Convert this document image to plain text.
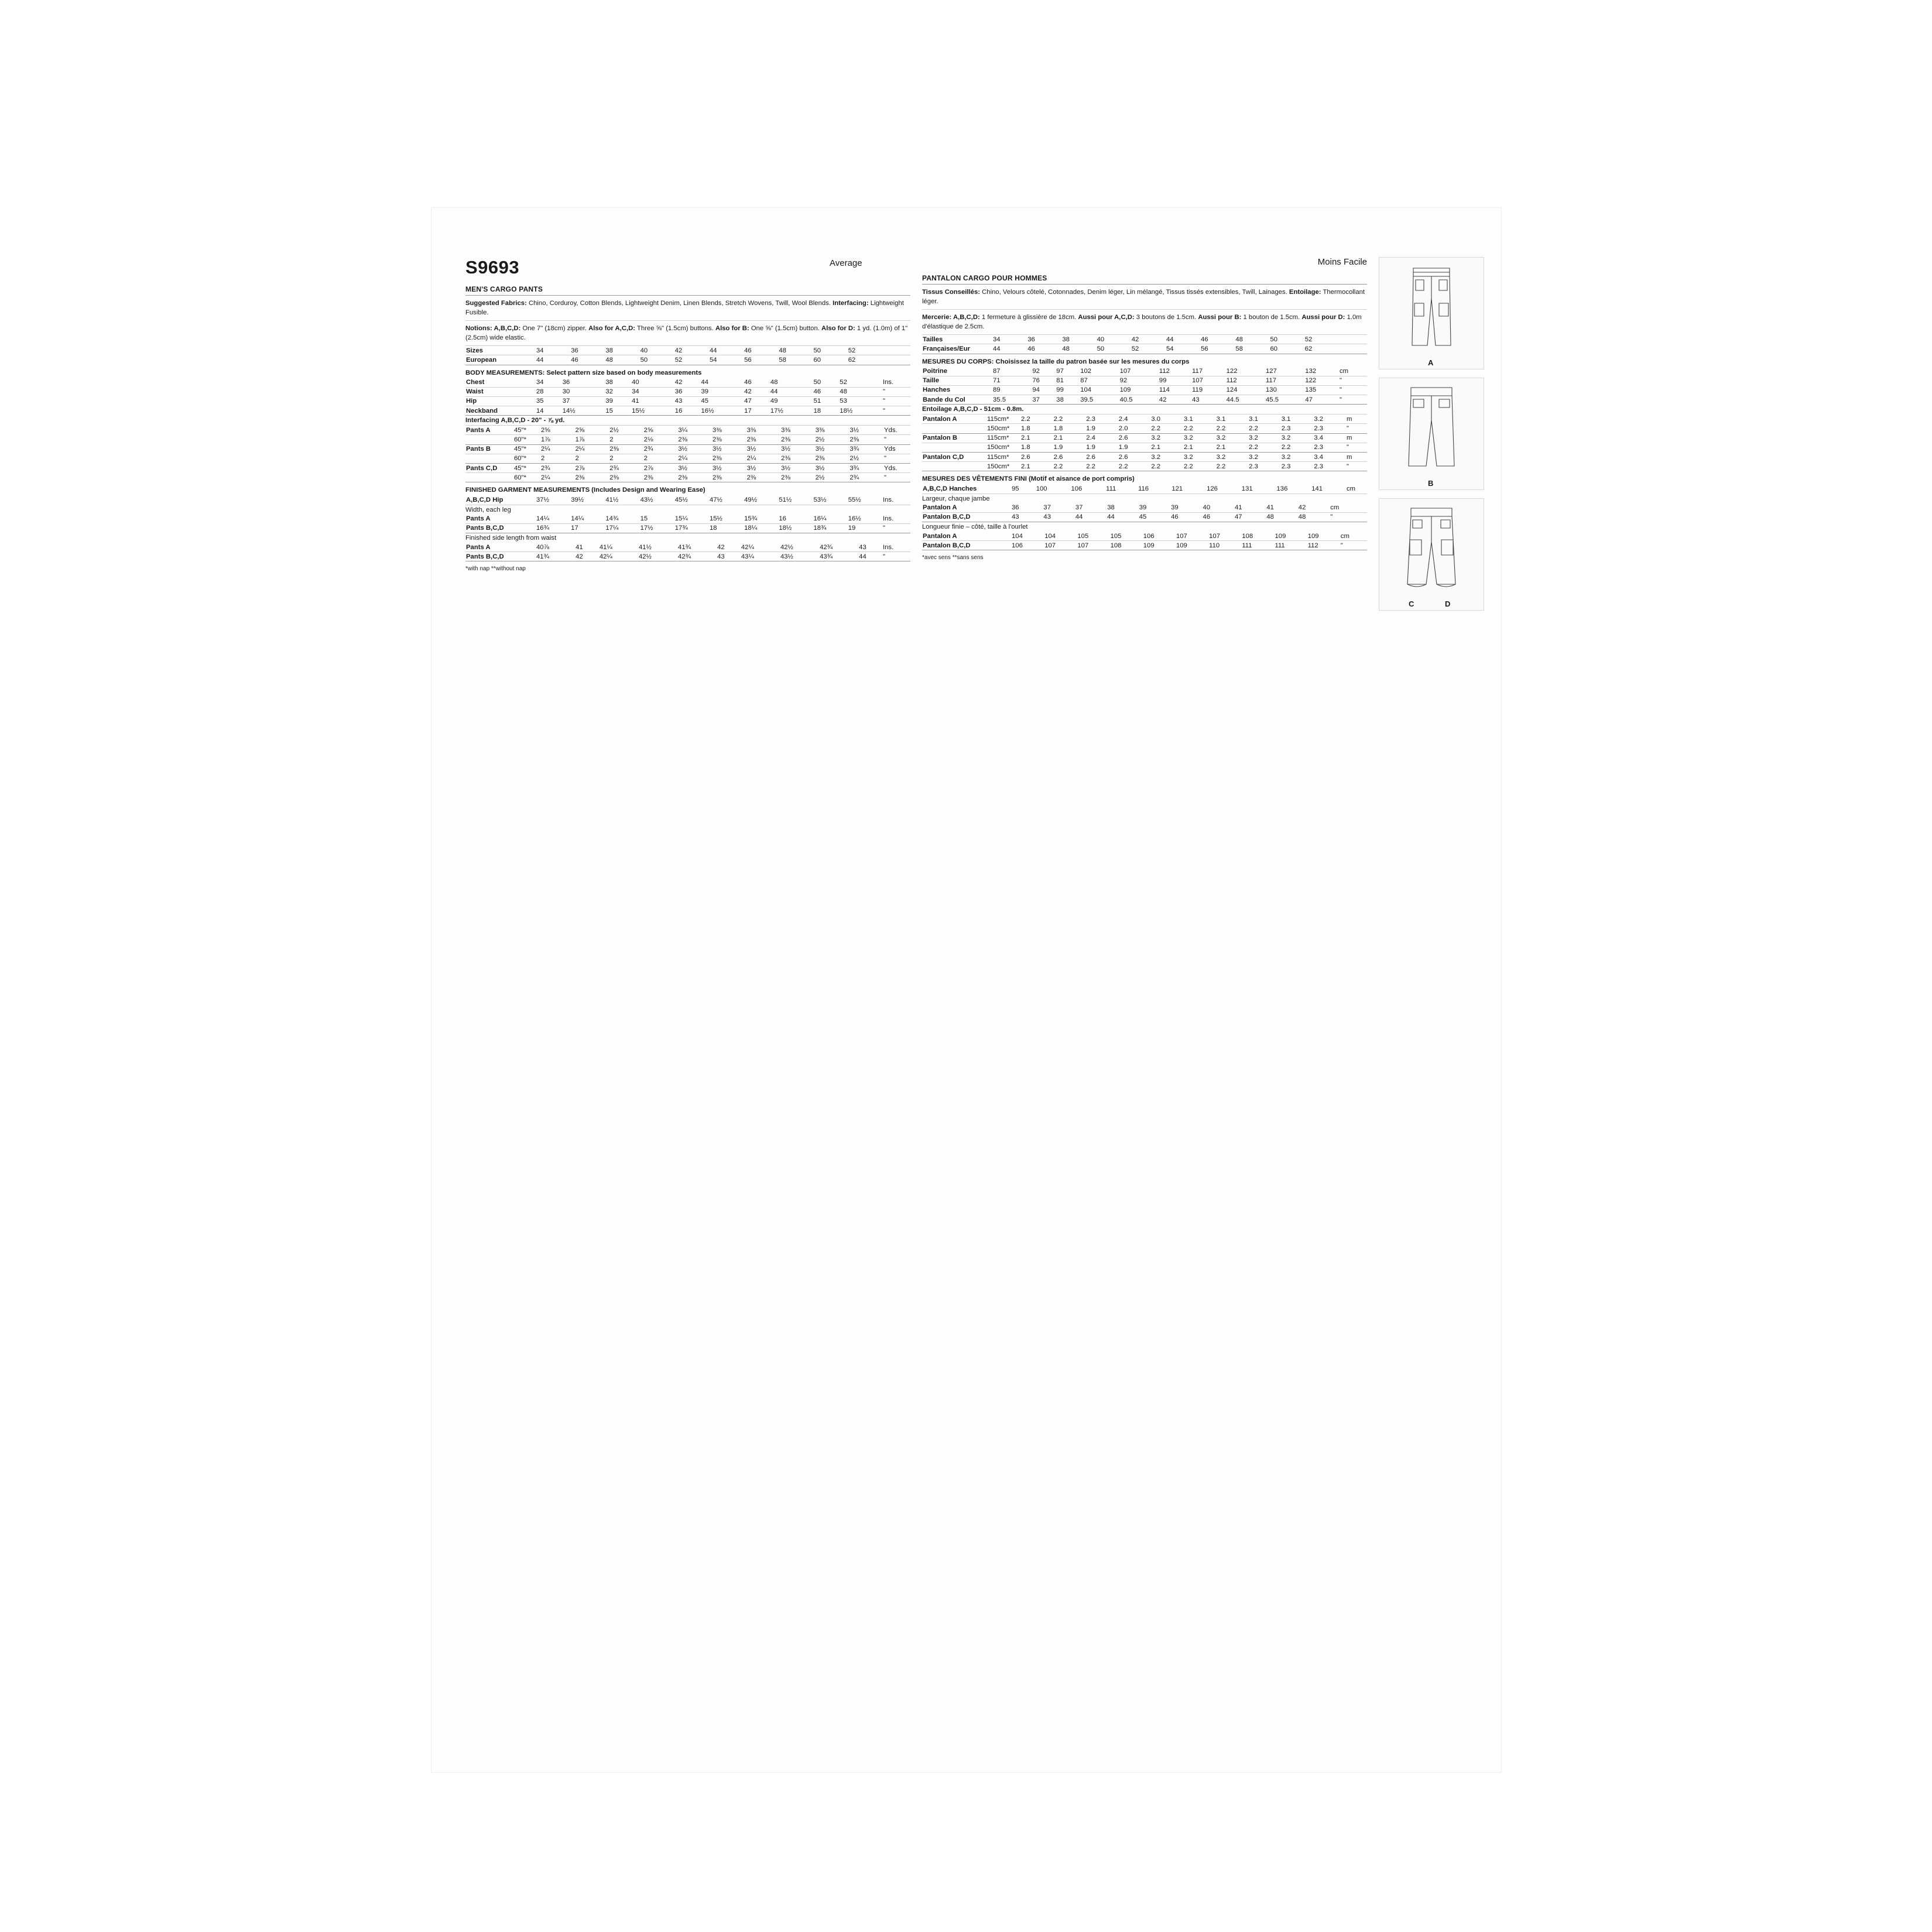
S9693
MEN'S CARGO PANTS
Suggested Fabrics: Chino, Corduroy, Cotton Blends, Lightweight Denim, Linen Blends, Stretch Wovens, Twill, Wool Blends. Interfacing: Lightweight Fusible.
Notions: A,B,C,D: One 7" (18cm) zipper. Also for A,C,D: Three ⅝" (1.5cm) buttons. Also for B: One ⅝" (1.5cm) button. Also for D: 1 yd. (1.0m) of 1" (2.5cm) wide elastic.
Sizes	34	36	38	40	42	44	46	48	50	52	
European	44	46	48	50	52	54	56	58	60	62	
BODY MEASUREMENTS: Select pattern size based on body measurements
Chest	34	36	38	40	42	44	46	48	50	52	Ins.
Waist	28	30	32	34	36	39	42	44	46	48	"
Hip	35	37	39	41	43	45	47	49	51	53	"
Neckband	14	14½	15	15½	16	16½	17	17½	18	18½	"
Interfacing A,B,C,D - 20" - ⅞ yd.
Pants A	45"*	2⅝	2⅝	2½	2⅝	3¼	3⅜	3⅜	3⅜	3⅜	3½	Yds.
	60"*	1⅞	1⅞	2	2⅛	2⅜	2⅜	2⅜	2⅜	2½	2⅜	"
Pants B	45"*	2¼	2¼	2⅜	2¾	3½	3½	3½	3½	3½	3¾	Yds
	60"*	2	2	2	2	2¼	2⅜	2¼	2⅜	2⅜	2½	"
Pants C,D	45"*	2¾	2⅞	2¾	2⅞	3½	3½	3½	3½	3½	3¾	Yds.
	60"*	2¼	2⅜	2⅜	2⅜	2⅜	2⅜	2⅜	2⅜	2½	2¾	"
FINISHED GARMENT MEASUREMENTS (Includes Design and Wearing Ease)
A,B,C,D Hip	37½	39½	41½	43½	45½	47½	49½	51½	53½	55½	Ins.
Width, each leg
Pants A	14¼	14¼	14¾	15	15¼	15½	15¾	16	16¼	16½	Ins.
Pants B,C,D	16¾	17	17¼	17½	17¾	18	18¼	18½	18¾	19	"
Finished side length from waist
Pants A	40⅞	41	41¼	41½	41¾	42	42¼	42½	42¾	43	Ins.
Pants B,C,D	41¾	42	42¼	42½	42¾	43	43¼	43½	43¾	44	"
*with nap **without nap
Moins Facile
PANTALON CARGO POUR HOMMES
Tissus Conseillés: Chino, Velours côtelé, Cotonnades, Denim léger, Lin mélangé, Tissus tissés extensibles, Twill, Lainages. Entoilage: Thermocollant léger.
Mercerie: A,B,C,D: 1 fermeture à glissière de 18cm. Aussi pour A,C,D: 3 boutons de 1.5cm. Aussi pour B: 1 bouton de 1.5cm. Aussi pour D: 1.0m d'élastique de 2.5cm.
Tailles	34	36	38	40	42	44	46	48	50	52	
Françaises/Eur	44	46	48	50	52	54	56	58	60	62	
MESURES DU CORPS: Choisissez la taille du patron basée sur les mesures du corps
Poitrine	87	92	97	102	107	112	117	122	127	132	cm
Taille	71	76	81	87	92	99	107	112	117	122	"
Hanches	89	94	99	104	109	114	119	124	130	135	"
Bande du Col	35.5	37	38	39.5	40.5	42	43	44.5	45.5	47	"
Entoilage A,B,C,D - 51cm - 0.8m.
Pantalon A	115cm*	2.2	2.2	2.3	2.4	3.0	3.1	3.1	3.1	3.1	3.2	m
	150cm*	1.8	1.8	1.9	2.0	2.2	2.2	2.2	2.2	2.3	2.3	"
Pantalon B	115cm*	2.1	2.1	2.4	2.6	3.2	3.2	3.2	3.2	3.2	3.4	m
	150cm*	1.8	1.9	1.9	1.9	2.1	2.1	2.1	2.2	2.2	2.3	"
Pantalon C,D	115cm*	2.6	2.6	2.6	2.6	3.2	3.2	3.2	3.2	3.2	3.4	m
	150cm*	2.1	2.2	2.2	2.2	2.2	2.2	2.2	2.3	2.3	2.3	"
MESURES DES VÊTEMENTS FINI (Motif et aisance de port compris)
A,B,C,D Hanches	95	100	106	111	116	121	126	131	136	141	cm
Largeur, chaque jambe
Pantalon A	36	37	37	38	39	39	40	41	41	42	cm
Pantalon B,C,D	43	43	44	44	45	46	46	47	48	48	"
Longueur finie – côté, taille à l'ourlet
Pantalon A	104	104	105	105	106	107	107	108	109	109	cm
Pantalon B,C,D	106	107	107	108	109	109	110	111	111	112	"
*avec sens **sans sens
Average
A
B
C	D
